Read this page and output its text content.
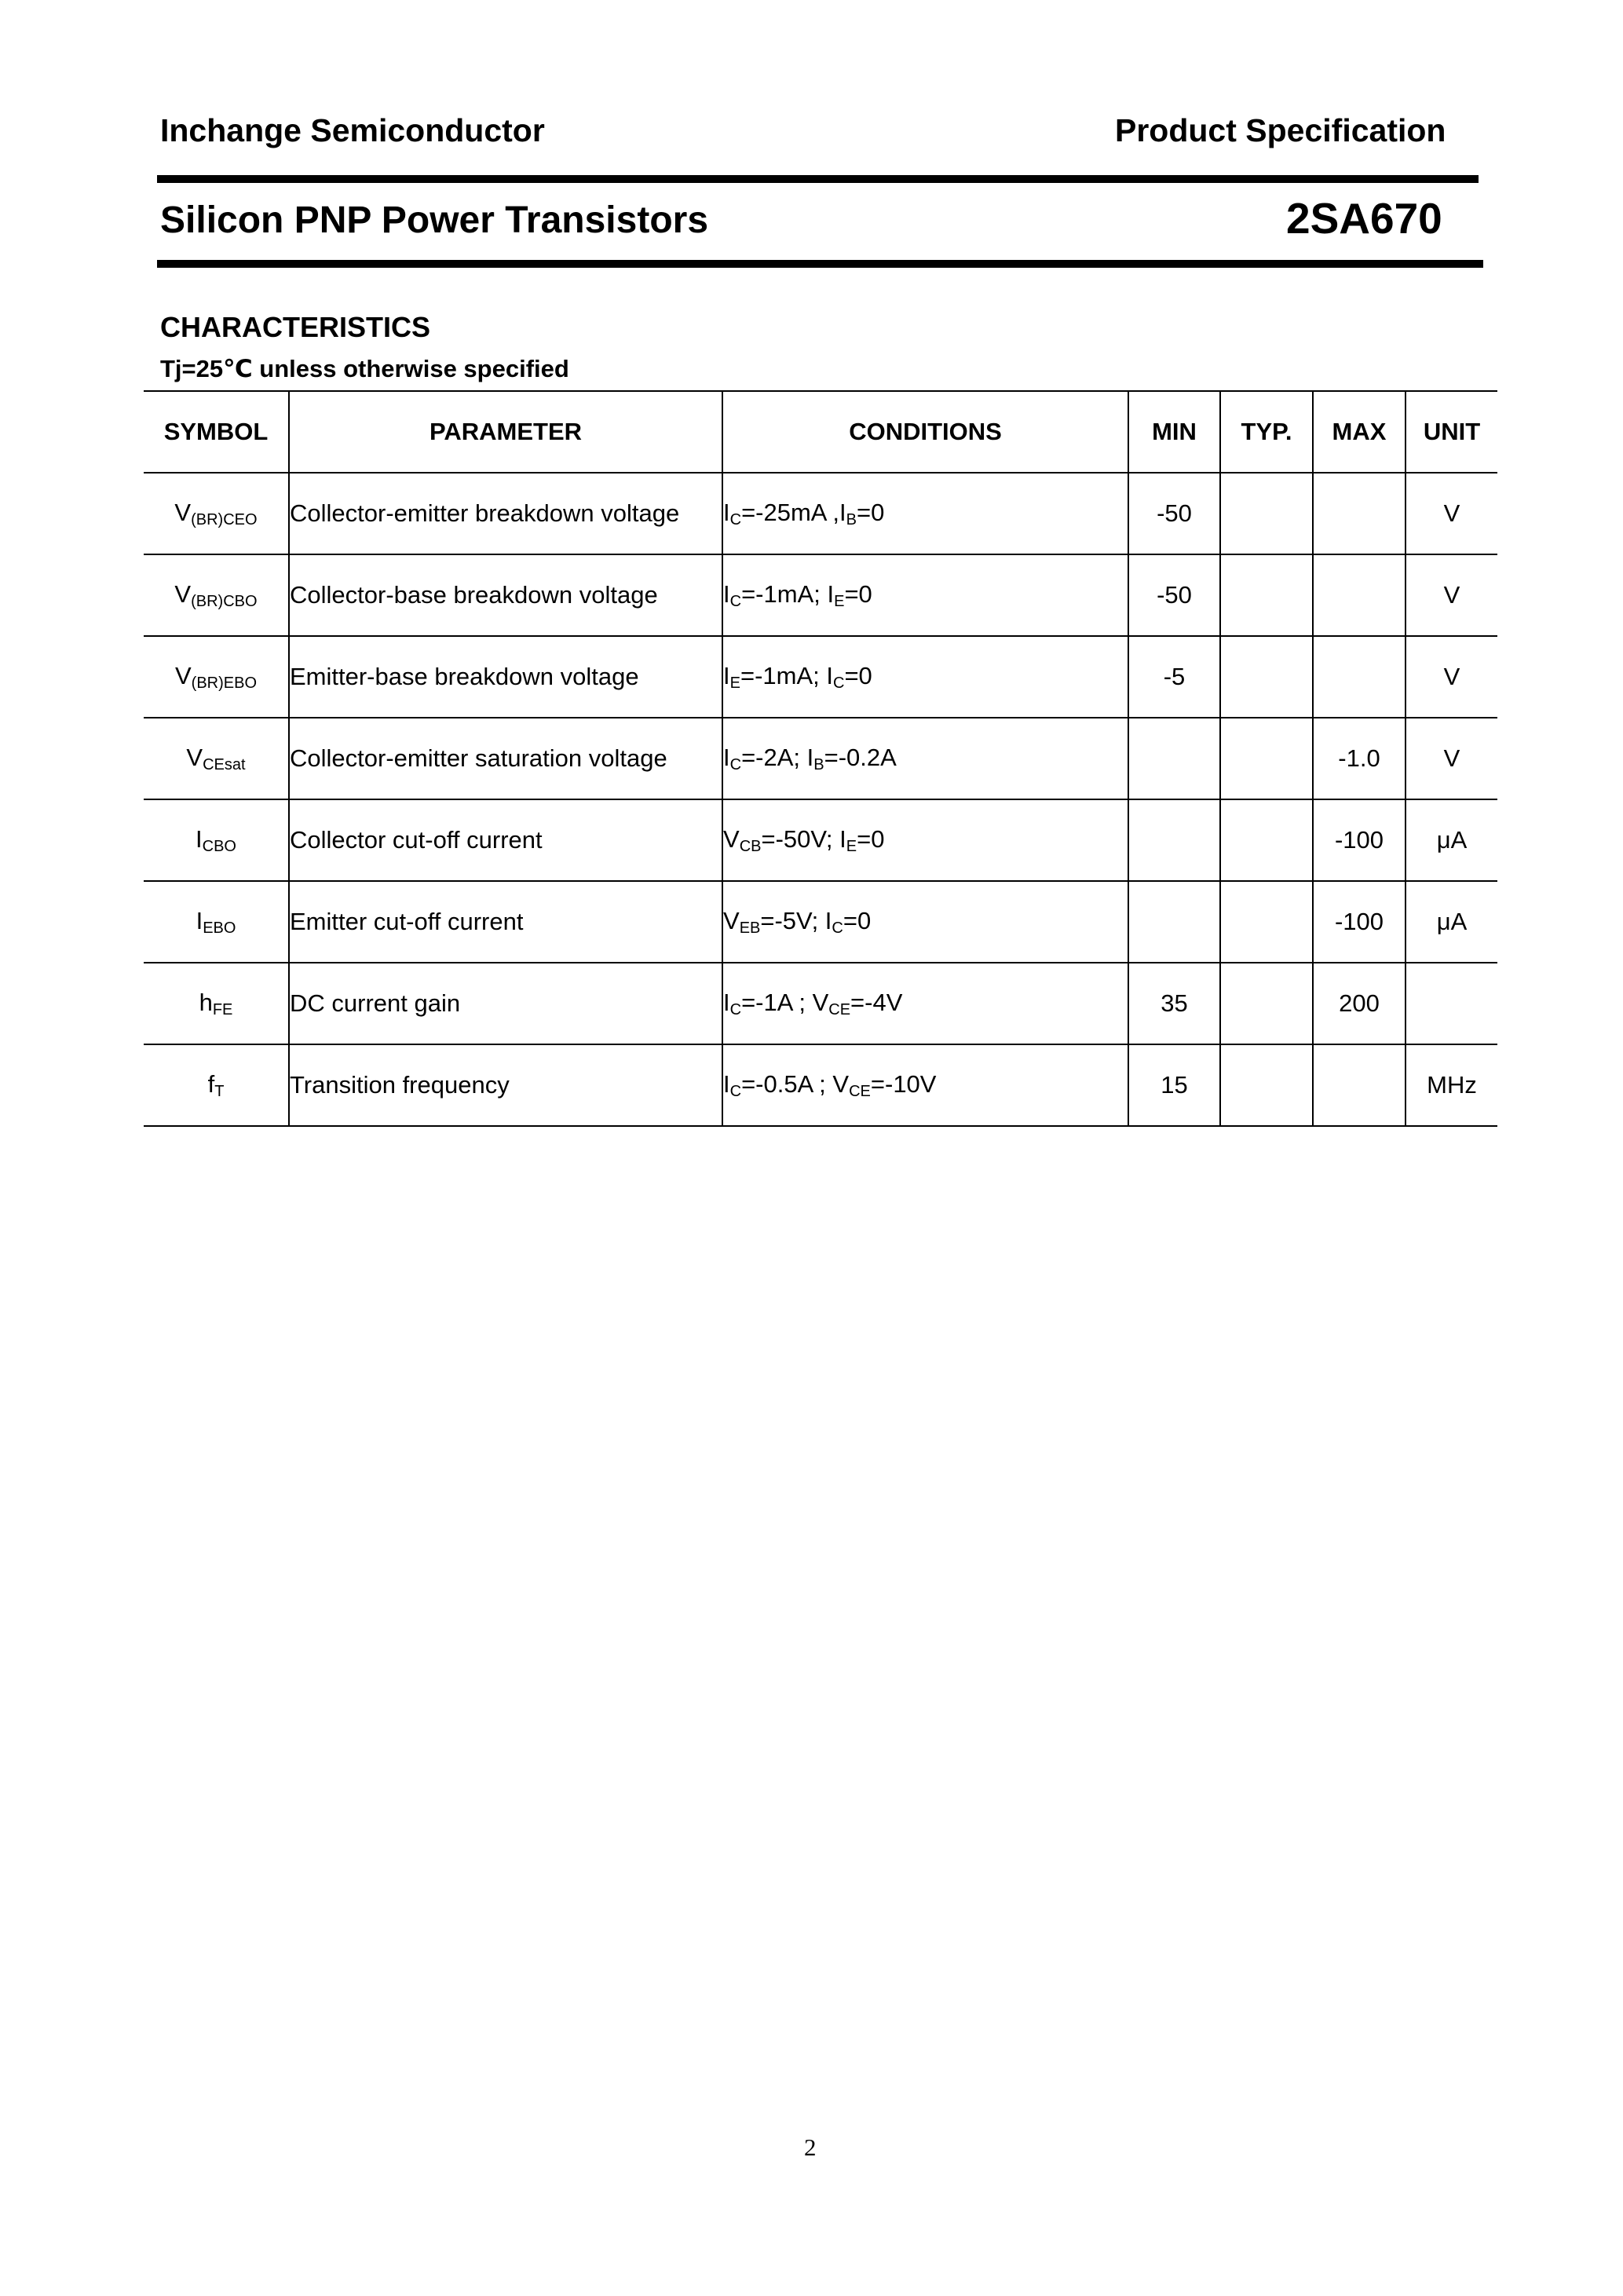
Inchange Semiconductor	Product Specification
Silicon PNP Power Transistors	2SA670
CHARACTERISTICS
Tj=25℃ unless otherwise specified
SYMBOL	PARAMETER	CONDITIONS	MIN	TYP.	MAX	UNIT
$V_{(BR)CEO}$	Collector-emitter breakdown voltage	$I_C=-25mA$ $,I_B=0$	-50			V
$V_{(BR)CBO}$	Collector-base breakdown voltage	$I_C=-1mA$; $I_E=0$	-50			V
$V_{(BR)EBO}$	Emitter-base breakdown voltage	$I_E=-1mA$; $I_C=0$	-5			V
$V_{CEsat}$	Collector-emitter saturation voltage	$I_C=-2A$; $I_B=-0.2A$			-1.0	V
$I_{CBO}$	Collector cut-off current	$V_{CB}=-50V$; $I_E=0$			-100	μA
$I_{EBO}$	Emitter cut-off current	$V_{EB}=-5V$; $I_C=0$			-100	μA
$h_{FE}$	DC current gain	$I_C=-1A$ ; $V_{CE}=-4V$	35		200	
$f_T$	Transition frequency	$I_C=-0.5A$ ; $V_{CE}=-10V$	15			MHz
2
